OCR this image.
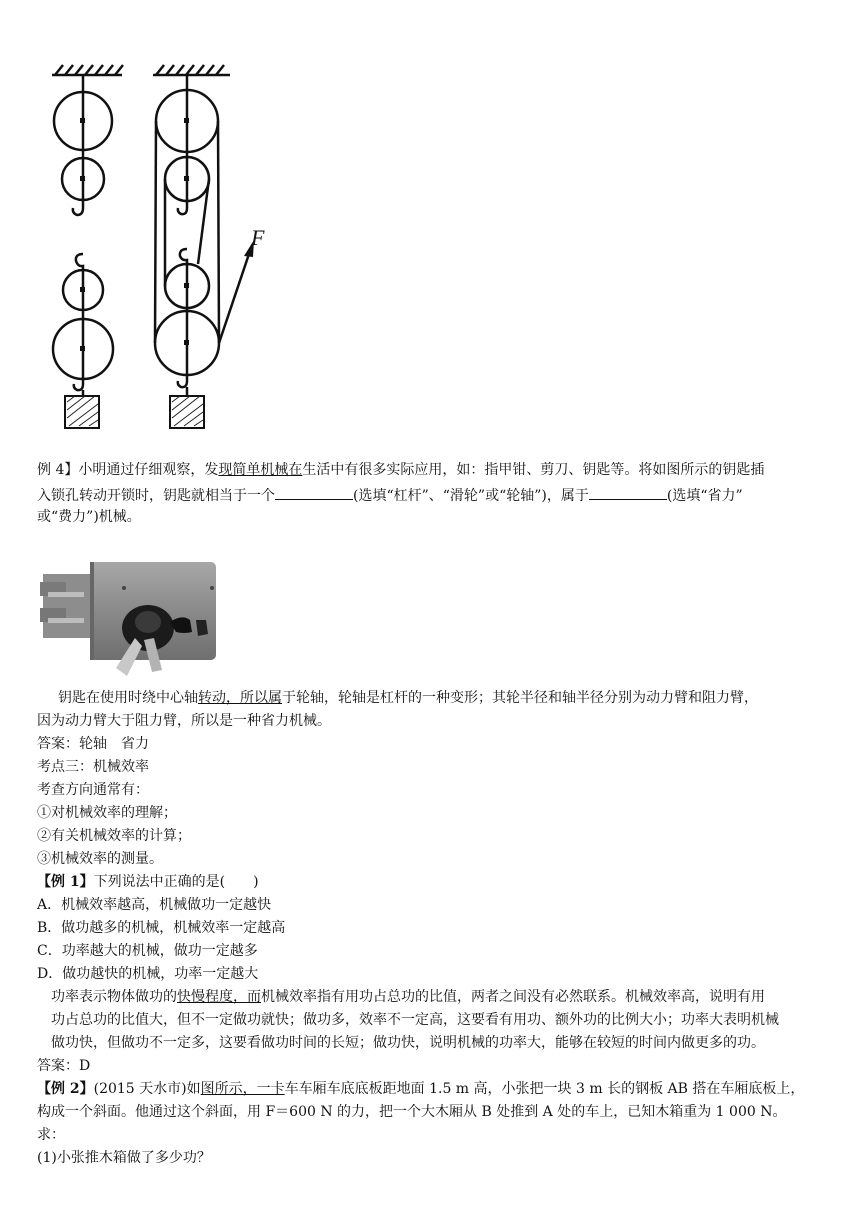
F
例 4】小明通过仔细观察，发现简单机械在生活中有很多实际应用，如：指甲钳、剪刀、钥匙等。将如图所示的钥匙插
入锁孔转动开锁时，钥匙就相当于一个	(选填“杠杆”、“滑轮”或“轮轴”)，属于	(选填“省力”
或“费力”)机械。
钥匙在使用时绕中心轴转动，所以属于轮轴，轮轴是杠杆的一种变形；其轮半径和轴半径分别为动力臂和阻力臂，
因为动力臂大于阻力臂，所以是一种省力机械。
答案：轮轴　省力
考点三：机械效率
考查方向通常有：
①对机械效率的理解；
②有关机械效率的计算；
③机械效率的测量。
【例 1】下列说法中正确的是(　　)
A．机械效率越高，机械做功一定越快
B．做功越多的机械，机械效率一定越高
C．功率越大的机械，做功一定越多
D．做功越快的机械，功率一定越大
功率表示物体做功的快慢程度，而机械效率指有用功占总功的比值，两者之间没有必然联系。机械效率高，说明有用
功占总功的比值大，但不一定做功就快；做功多，效率不一定高，这要看有用功、额外功的比例大小；功率大表明机械
做功快，但做功不一定多，这要看做功时间的长短；做功快，说明机械的功率大，能够在较短的时间内做更多的功。
答案：D
【例 2】(2015 天水市)如图所示，一卡车车厢车底底板距地面 1.5 m 高，小张把一块 3 m 长的钢板 AB 搭在车厢底板上，
构成一个斜面。他通过这个斜面，用 F＝600 N 的力，把一个大木厢从 B 处推到 A 处的车上，已知木箱重为 1 000 N。
求：
(1)小张推木箱做了多少功？
